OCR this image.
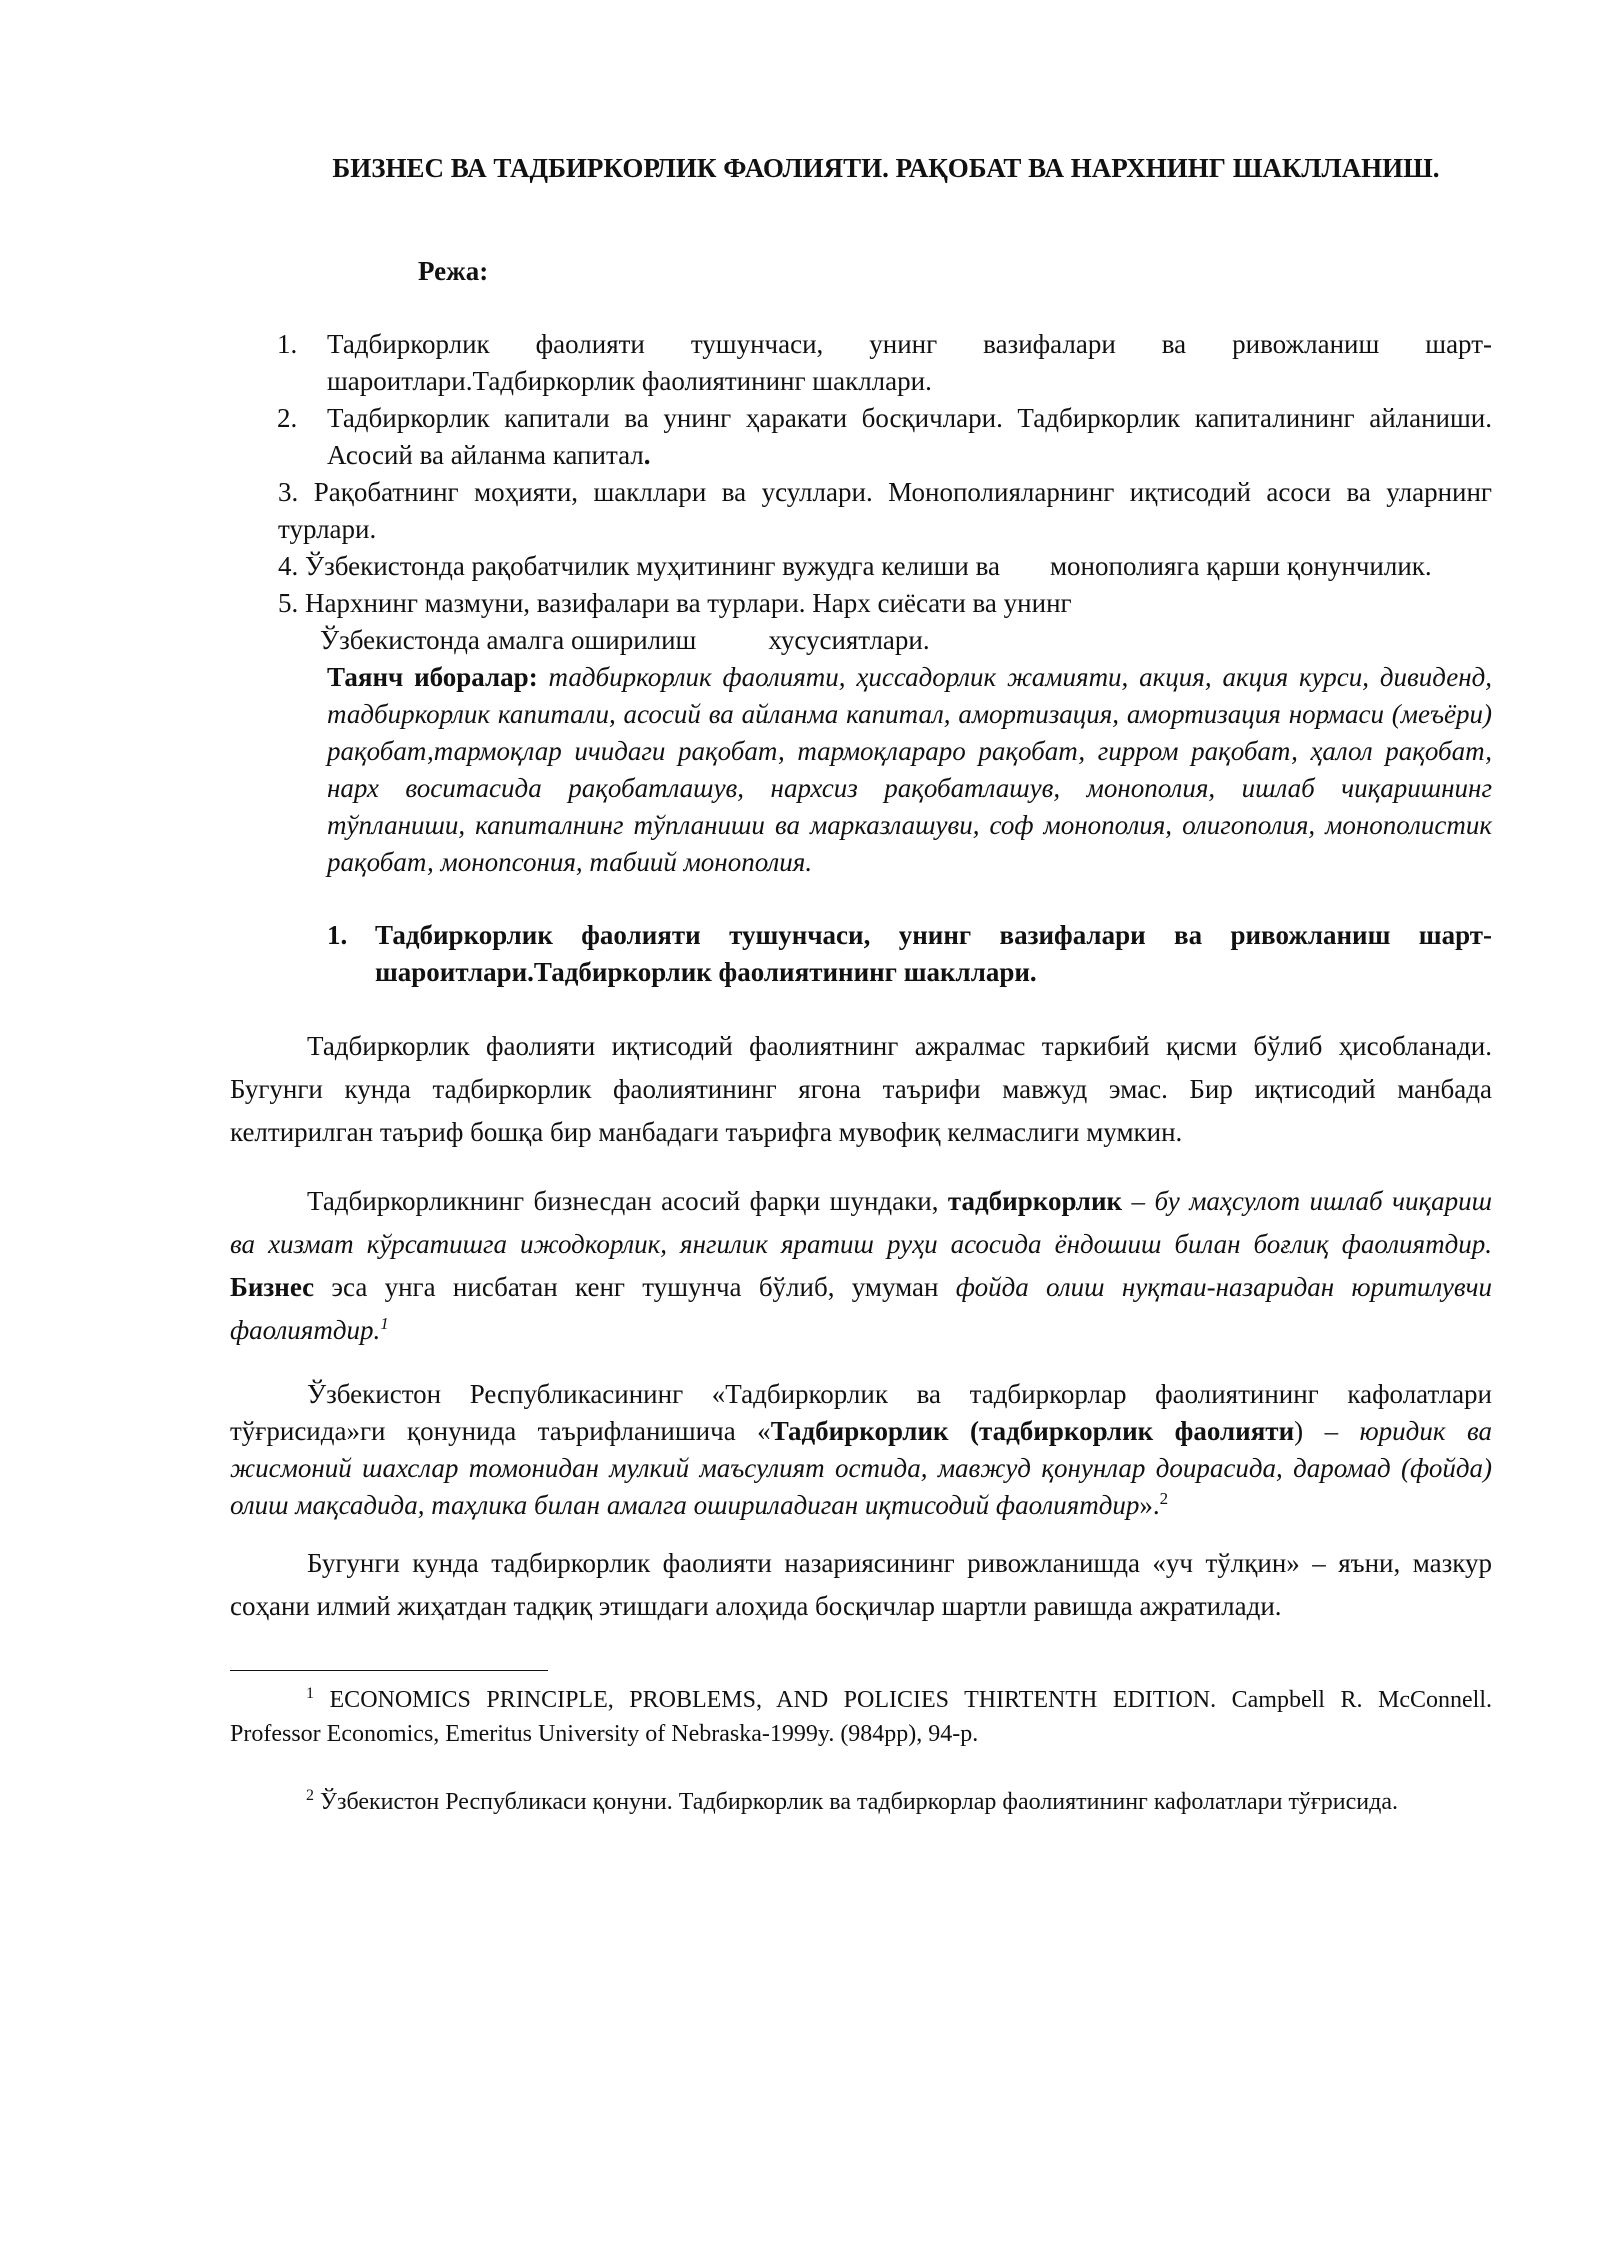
БИЗНЕС ВА ТАДБИРКОРЛИК ФАОЛИЯТИ. РАҚОБАТ ВА НАРХНИНГ ШАКЛЛАНИШ.
Режа:
1. Тадбиркорлик фаолияти тушунчаси, унинг вазифалари ва ривожланиш шарт-шароитлари.Тадбиркорлик фаолиятининг шакллари.
2. Тадбиркорлик капитали ва унинг ҳаракати босқичлари. Тадбиркорлик капиталининг айланиши. Асосий ва айланма капитал.
3. Рақобатнинг моҳияти, шакллари ва усуллари. Монополияларнинг иқтисодий асоси ва уларнинг турлари.
4. Ўзбекистонда рақобатчилик муҳитининг вужудга келиши ва монополияга қарши қонунчилик.
5. Нархнинг мазмуни, вазифалари ва турлари. Нарх сиёсати ва унинг
Ўзбекистонда амалга оширилиш	хусусиятлари.
Таянч иборалар: тадбиркорлик фаолияти, ҳиссадорлик жамияти, акция, акция курси, дивиденд, тадбиркорлик капитали, асосий ва айланма капитал, амортизация, амортизация нормаси (меъёри) рақобат,тармоқлар ичидаги рақобат, тармоқлараро рақобат, гирром рақобат, ҳалол рақобат, нарх воситасида рақобатлашув, нархсиз рақобатлашув, монополия, ишлаб чиқаришнинг тўпланиши, капиталнинг тўпланиши ва марказлашуви, соф монополия, олигополия, монополистик рақобат, монопсония, табиий монополия.
1. Тадбиркорлик фаолияти тушунчаси, унинг вазифалари ва ривожланиш шарт-шароитлари.Тадбиркорлик фаолиятининг шакллари.

Тадбиркорлик фаолияти иқтисодий фаолиятнинг ажралмас таркибий қисми бўлиб ҳисобланади. Бугунги кунда тадбиркорлик фаолиятининг ягона таърифи мавжуд эмас. Бир иқтисодий манбада келтирилган таъриф бошқа бир манбадаги таърифга мувофиқ келмаслиги мумкин.

Тадбиркорликнинг бизнесдан асосий фарқи шундаки, тадбиркорлик – бу маҳсулот ишлаб чиқариш ва хизмат кўрсатишга ижодкорлик, янгилик яратиш руҳи асосида ёндошиш билан боғлиқ фаолиятдир. Бизнес эса унга нисбатан кенг тушунча бўлиб, умуман фойда олиш нуқтаи-назаридан юритилувчи фаолиятдир.$^1$

Ўзбекистон Республикасининг «Тадбиркорлик ва тадбиркорлар фаолиятининг кафолатлари тўғрисида»ги қонунида таърифланишича «Тадбиркорлик (тадбиркорлик фаолияти) – юридик ва жисмоний шахслар томонидан мулкий маъсулият остида, мавжуд қонунлар доирасида, даромад (фойда) олиш мақсадида, таҳлика билан амалга ошириладиган иқтисодий фаолиятдир».$^2$

Бугунги кунда тадбиркорлик фаолияти назариясининг ривожланишда «уч тўлқин» – яъни, мазкур соҳани илмий жиҳатдан тадқиқ этишдаги алоҳида босқичлар шартли равишда ажратилади.

$^1$ ECONOMICS PRINCIPLE, PROBLEMS, AND POLICIES THIRTENTH EDITION. Campbell R. McConnell. Professor Economics, Emeritus University of Nebraska-1999y. (984pp), 94-p.

$^2$ Ўзбекистон Республикаси қонуни. Тадбиркорлик ва тадбиркорлар фаолиятининг кафолатлари тўғрисида.
